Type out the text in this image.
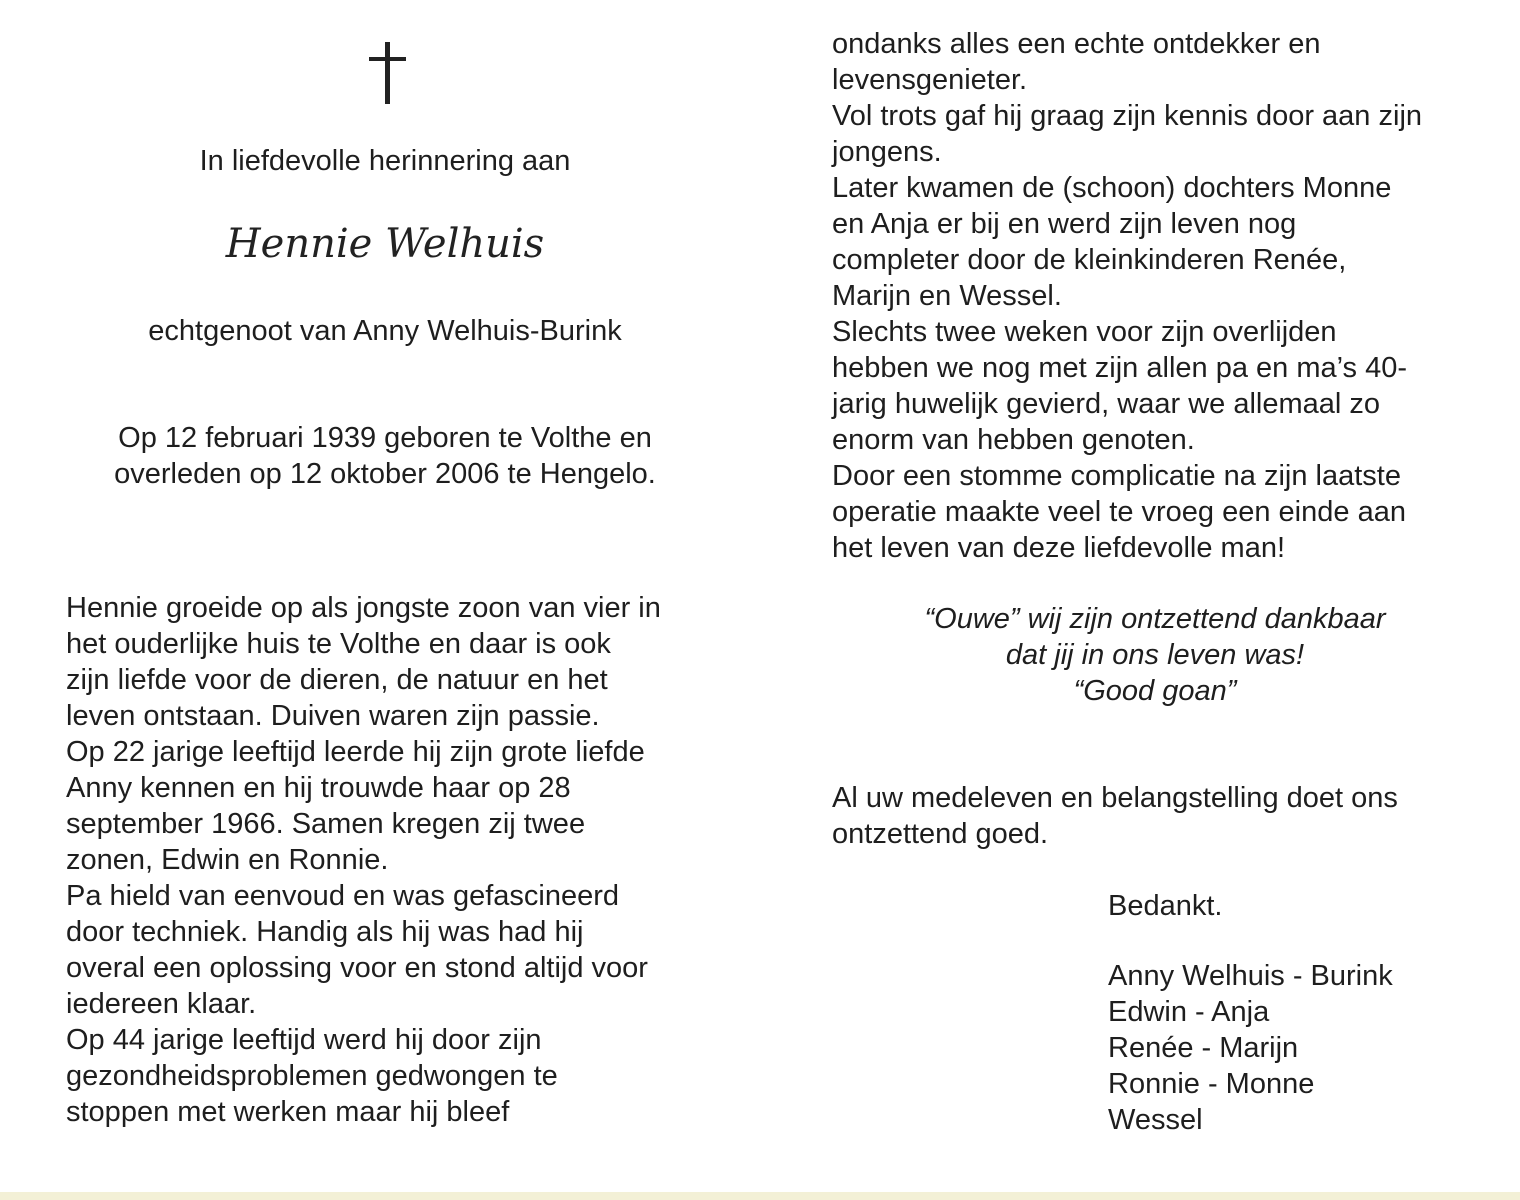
In liefdevolle herinnering aan
Hennie Welhuis
echtgenoot van Anny Welhuis-Burink
Op 12 februari 1939 geboren te Volthe en
overleden op 12 oktober 2006 te Hengelo.
Hennie groeide op als jongste zoon van vier in
het ouderlijke huis te Volthe en daar is ook
zijn liefde voor de dieren, de natuur en het
leven ontstaan. Duiven waren zijn passie.
Op 22 jarige leeftijd leerde hij zijn grote liefde
Anny kennen en hij trouwde haar op 28
september 1966. Samen kregen zij twee
zonen, Edwin en Ronnie.
Pa hield van eenvoud en was gefascineerd
door techniek. Handig als hij was had hij
overal een oplossing voor en stond altijd voor
iedereen klaar.
Op 44 jarige leeftijd werd hij door zijn
gezondheidsproblemen gedwongen te
stoppen met werken maar hij bleef
ondanks alles een echte ontdekker en
levensgenieter.
Vol trots gaf hij graag zijn kennis door aan zijn
jongens.
Later kwamen de (schoon) dochters Monne
en Anja er bij en werd zijn leven nog
completer door de kleinkinderen Renée,
Marijn en Wessel.
Slechts twee weken voor zijn overlijden
hebben we nog met zijn allen pa en ma’s 40-
jarig huwelijk gevierd, waar we allemaal zo
enorm van hebben genoten.
Door een stomme complicatie na zijn laatste
operatie maakte veel te vroeg een einde aan
het leven van deze liefdevolle man!
“Ouwe” wij zijn ontzettend dankbaar
dat jij in ons leven was!
“Good goan”
Al uw medeleven en belangstelling doet ons
ontzettend goed.
Bedankt.
Anny Welhuis - Burink
Edwin - Anja
Renée - Marijn
Ronnie - Monne
Wessel
